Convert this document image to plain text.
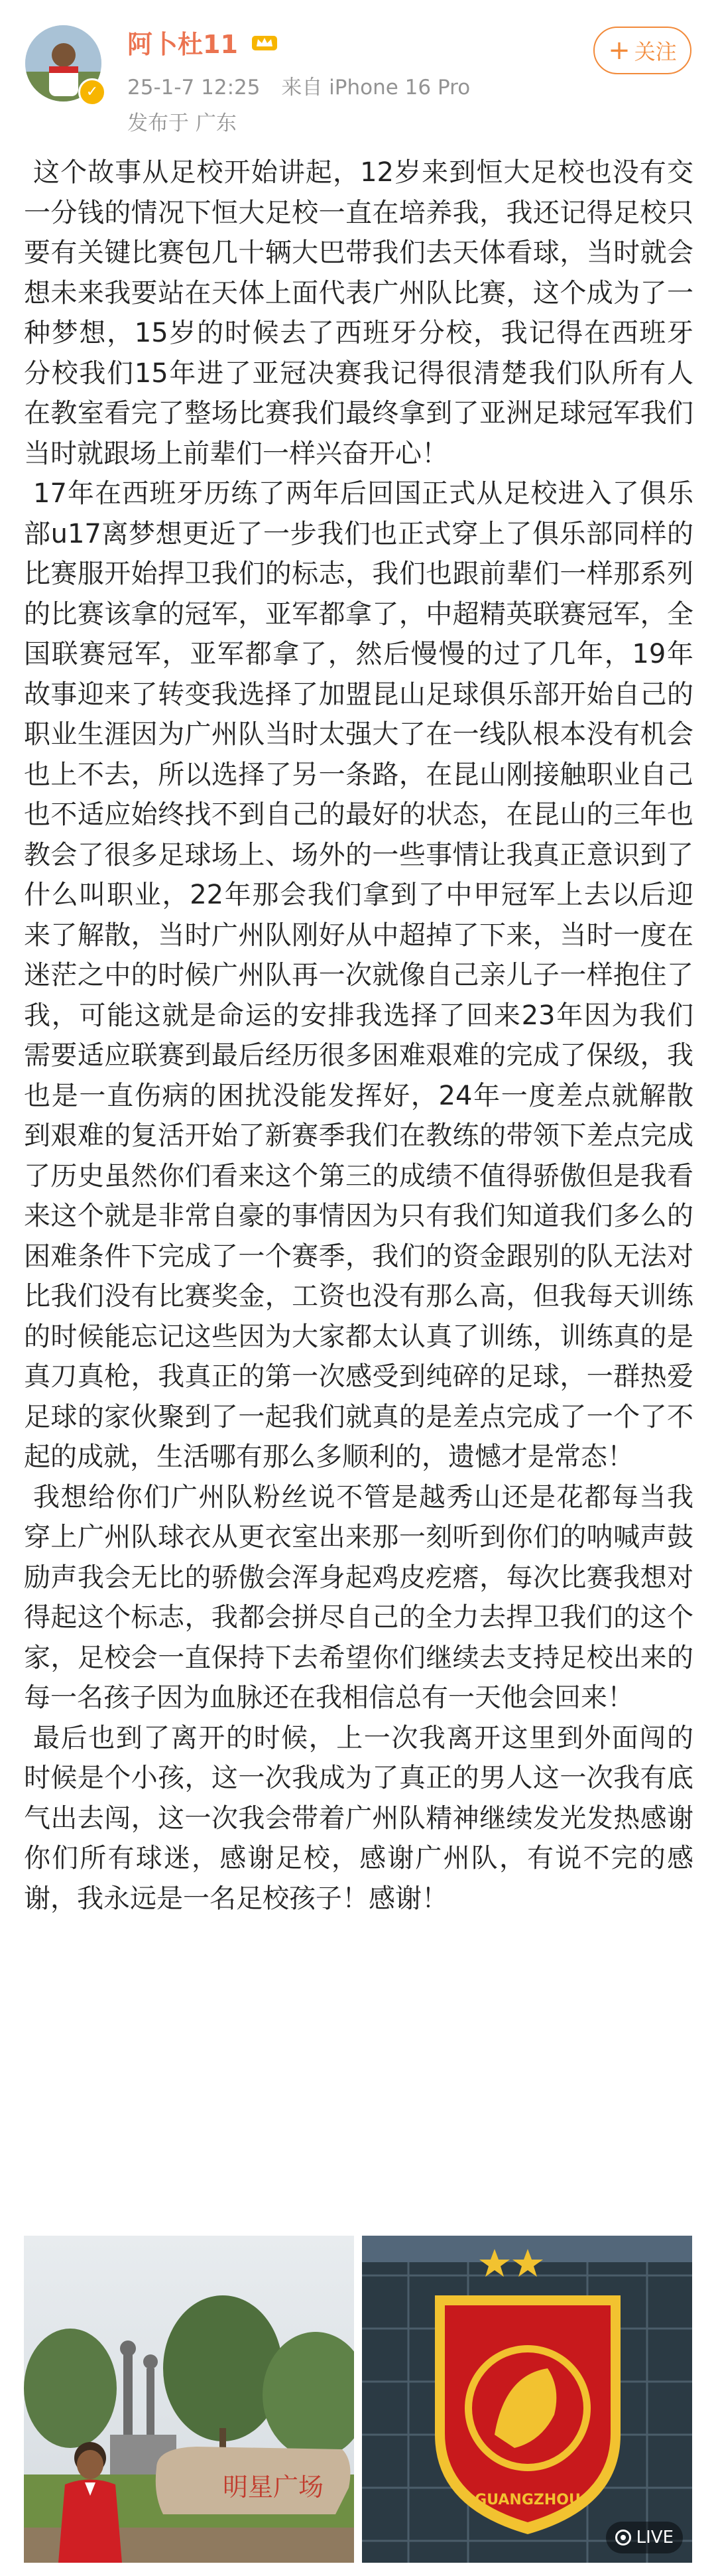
✓
阿卜杜11
25-1-7 12:25 来自 iPhone 16 Pro
发布于 广东
+ 关注

这个故事从足校开始讲起，12岁来到恒大足校也没有交一分钱的情况下恒大足校一直在培养我，我还记得足校只要有关键比赛包几十辆大巴带我们去天体看球，当时就会想未来我要站在天体上面代表广州队比赛，这个成为了一种梦想，15岁的时候去了西班牙分校，我记得在西班牙分校我们15年进了亚冠决赛我记得很清楚我们队所有人在教室看完了整场比赛我们最终拿到了亚洲足球冠军我们当时就跟场上前辈们一样兴奋开心！

17年在西班牙历练了两年后回国正式从足校进入了俱乐部u17离梦想更近了一步我们也正式穿上了俱乐部同样的比赛服开始捍卫我们的标志，我们也跟前辈们一样那系列的比赛该拿的冠军，亚军都拿了，中超精英联赛冠军，全国联赛冠军，亚军都拿了，然后慢慢的过了几年，19年故事迎来了转变我选择了加盟昆山足球俱乐部开始自己的职业生涯因为广州队当时太强大了在一线队根本没有机会也上不去，所以选择了另一条路，在昆山刚接触职业自己也不适应始终找不到自己的最好的状态，在昆山的三年也教会了很多足球场上、场外的一些事情让我真正意识到了什么叫职业，22年那会我们拿到了中甲冠军上去以后迎来了解散，当时广州队刚好从中超掉了下来，当时一度在迷茫之中的时候广州队再一次就像自己亲儿子一样抱住了我，可能这就是命运的安排我选择了回来23年因为我们需要适应联赛到最后经历很多困难艰难的完成了保级，我也是一直伤病的困扰没能发挥好，24年一度差点就解散到艰难的复活开始了新赛季我们在教练的带领下差点完成了历史虽然你们看来这个第三的成绩不值得骄傲但是我看来这个就是非常自豪的事情因为只有我们知道我们多么的困难条件下完成了一个赛季，我们的资金跟别的队无法对比我们没有比赛奖金，工资也没有那么高，但我每天训练的时候能忘记这些因为大家都太认真了训练，训练真的是真刀真枪，我真正的第一次感受到纯碎的足球，一群热爱足球的家伙聚到了一起我们就真的是差点完成了一个了不起的成就，生活哪有那么多顺利的，遗憾才是常态！

我想给你们广州队粉丝说不管是越秀山还是花都每当我穿上广州队球衣从更衣室出来那一刻听到你们的呐喊声鼓励声我会无比的骄傲会浑身起鸡皮疙瘩，每次比赛我想对得起这个标志，我都会拼尽自己的全力去捍卫我们的这个家，足校会一直保持下去希望你们继续去支持足校出来的每一名孩子因为血脉还在我相信总有一天他会回来！

最后也到了离开的时候，上一次我离开这里到外面闯的时候是个小孩，这一次我成为了真正的男人这一次我有底气出去闯，这一次我会带着广州队精神继续发光发热感谢你们所有球迷，感谢足校，感谢广州队，有说不完的感谢，我永远是一名足校孩子！感谢！

明星广场	GUANGZHOU
LIVE
